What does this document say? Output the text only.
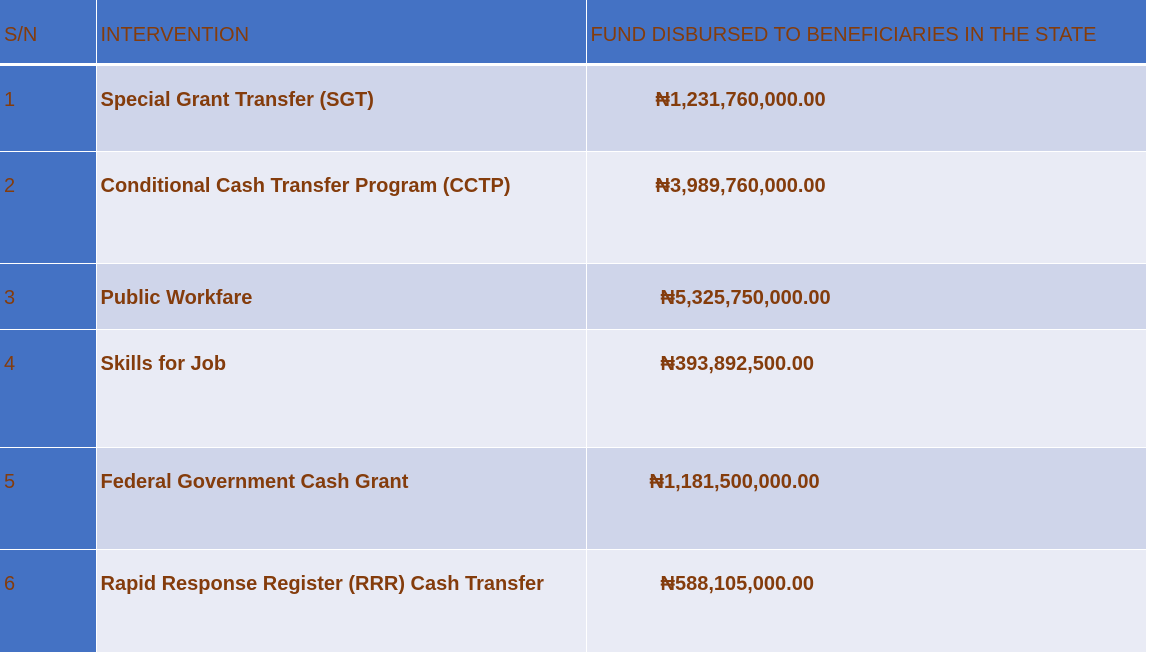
S/N	INTERVENTION	FUND DISBURSED TO BENEFICIARIES IN THE STATE
1	Special Grant Transfer (SGT)	₦1,231,760,000.00
2	Conditional Cash Transfer Program (CCTP)	₦3,989,760,000.00
3	Public Workfare	₦5,325,750,000.00
4	Skills for Job	₦393,892,500.00
5	Federal Government Cash Grant	₦1,181,500,000.00
6	Rapid Response Register (RRR) Cash Transfer	₦588,105,000.00
